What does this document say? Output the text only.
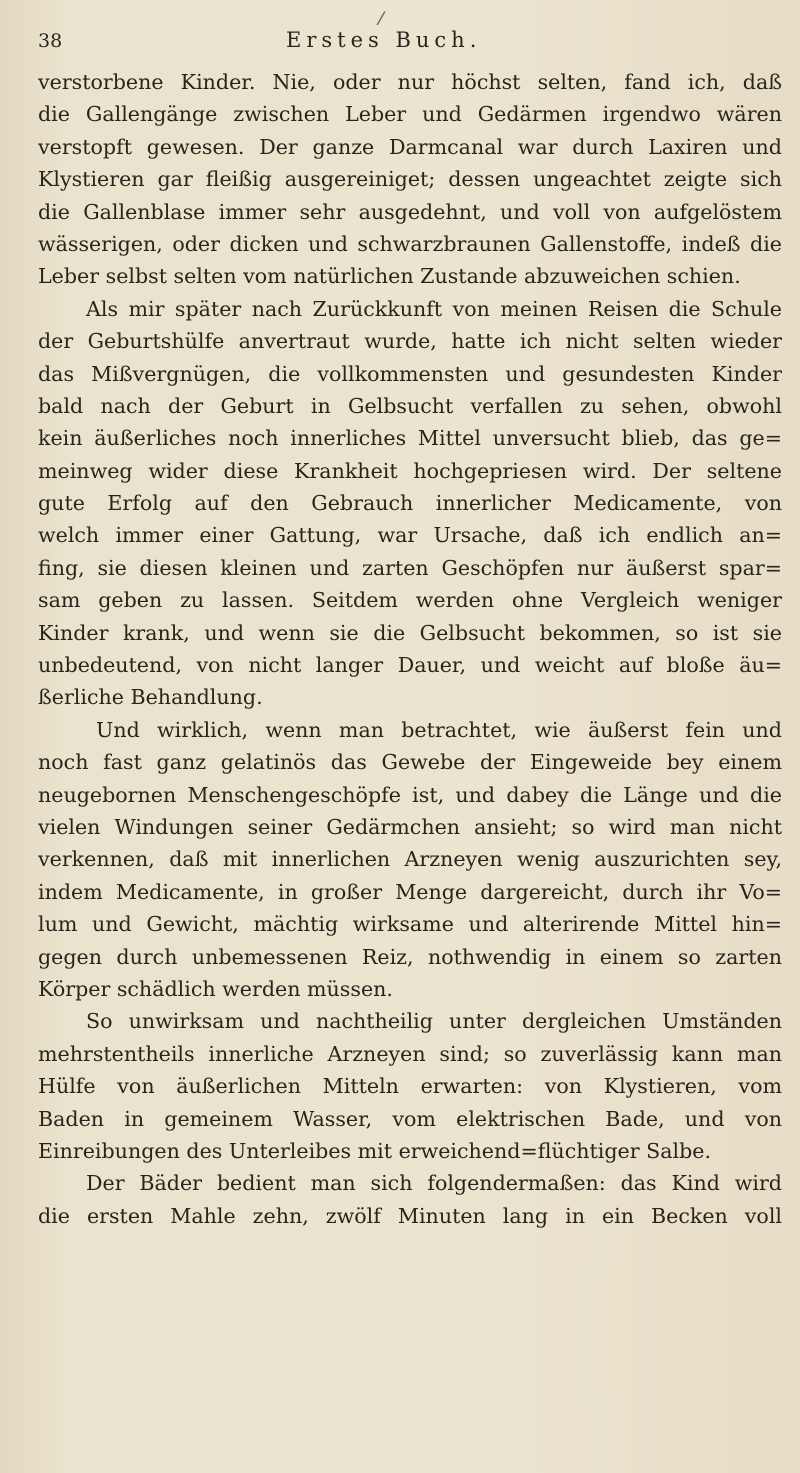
/
38	Erstes Buch.
verstorbene Kinder. Nie, oder nur höchst selten, fand ich, daß
die Gallengänge zwischen Leber und Gedärmen irgendwo wären
verstopft gewesen. Der ganze Darmcanal war durch Laxiren und
Klystieren gar fleißig ausgereiniget; dessen ungeachtet zeigte sich
die Gallenblase immer sehr ausgedehnt, und voll von aufgelöstem
wässerigen, oder dicken und schwarzbraunen Gallenstoffe, indeß die
Leber selbst selten vom natürlichen Zustande abzuweichen schien.
Als mir später nach Zurückkunft von meinen Reisen die Schule
der Geburtshülfe anvertraut wurde, hatte ich nicht selten wieder
das Mißvergnügen, die vollkommensten und gesundesten Kinder
bald nach der Geburt in Gelbsucht verfallen zu sehen, obwohl
kein äußerliches noch innerliches Mittel unversucht blieb, das ge=
meinweg wider diese Krankheit hochgepriesen wird. Der seltene
gute Erfolg auf den Gebrauch innerlicher Medicamente, von
welch immer einer Gattung, war Ursache, daß ich endlich an=
fing, sie diesen kleinen und zarten Geschöpfen nur äußerst spar=
sam geben zu lassen. Seitdem werden ohne Vergleich weniger
Kinder krank, und wenn sie die Gelbsucht bekommen, so ist sie
unbedeutend, von nicht langer Dauer, und weicht auf bloße äu=
ßerliche Behandlung.
Und wirklich, wenn man betrachtet, wie äußerst fein und
noch fast ganz gelatinös das Gewebe der Eingeweide bey einem
neugebornen Menschengeschöpfe ist, und dabey die Länge und die
vielen Windungen seiner Gedärmchen ansieht; so wird man nicht
verkennen, daß mit innerlichen Arzneyen wenig auszurichten sey,
indem Medicamente, in großer Menge dargereicht, durch ihr Vo=
lum und Gewicht, mächtig wirksame und alterirende Mittel hin=
gegen durch unbemessenen Reiz, nothwendig in einem so zarten
Körper schädlich werden müssen.
So unwirksam und nachtheilig unter dergleichen Umständen
mehrstentheils innerliche Arzneyen sind; so zuverlässig kann man
Hülfe von äußerlichen Mitteln erwarten: von Klystieren, vom
Baden in gemeinem Wasser, vom elektrischen Bade, und von
Einreibungen des Unterleibes mit erweichend=flüchtiger Salbe.
Der Bäder bedient man sich folgendermaßen: das Kind wird
die ersten Mahle zehn, zwölf Minuten lang in ein Becken voll
